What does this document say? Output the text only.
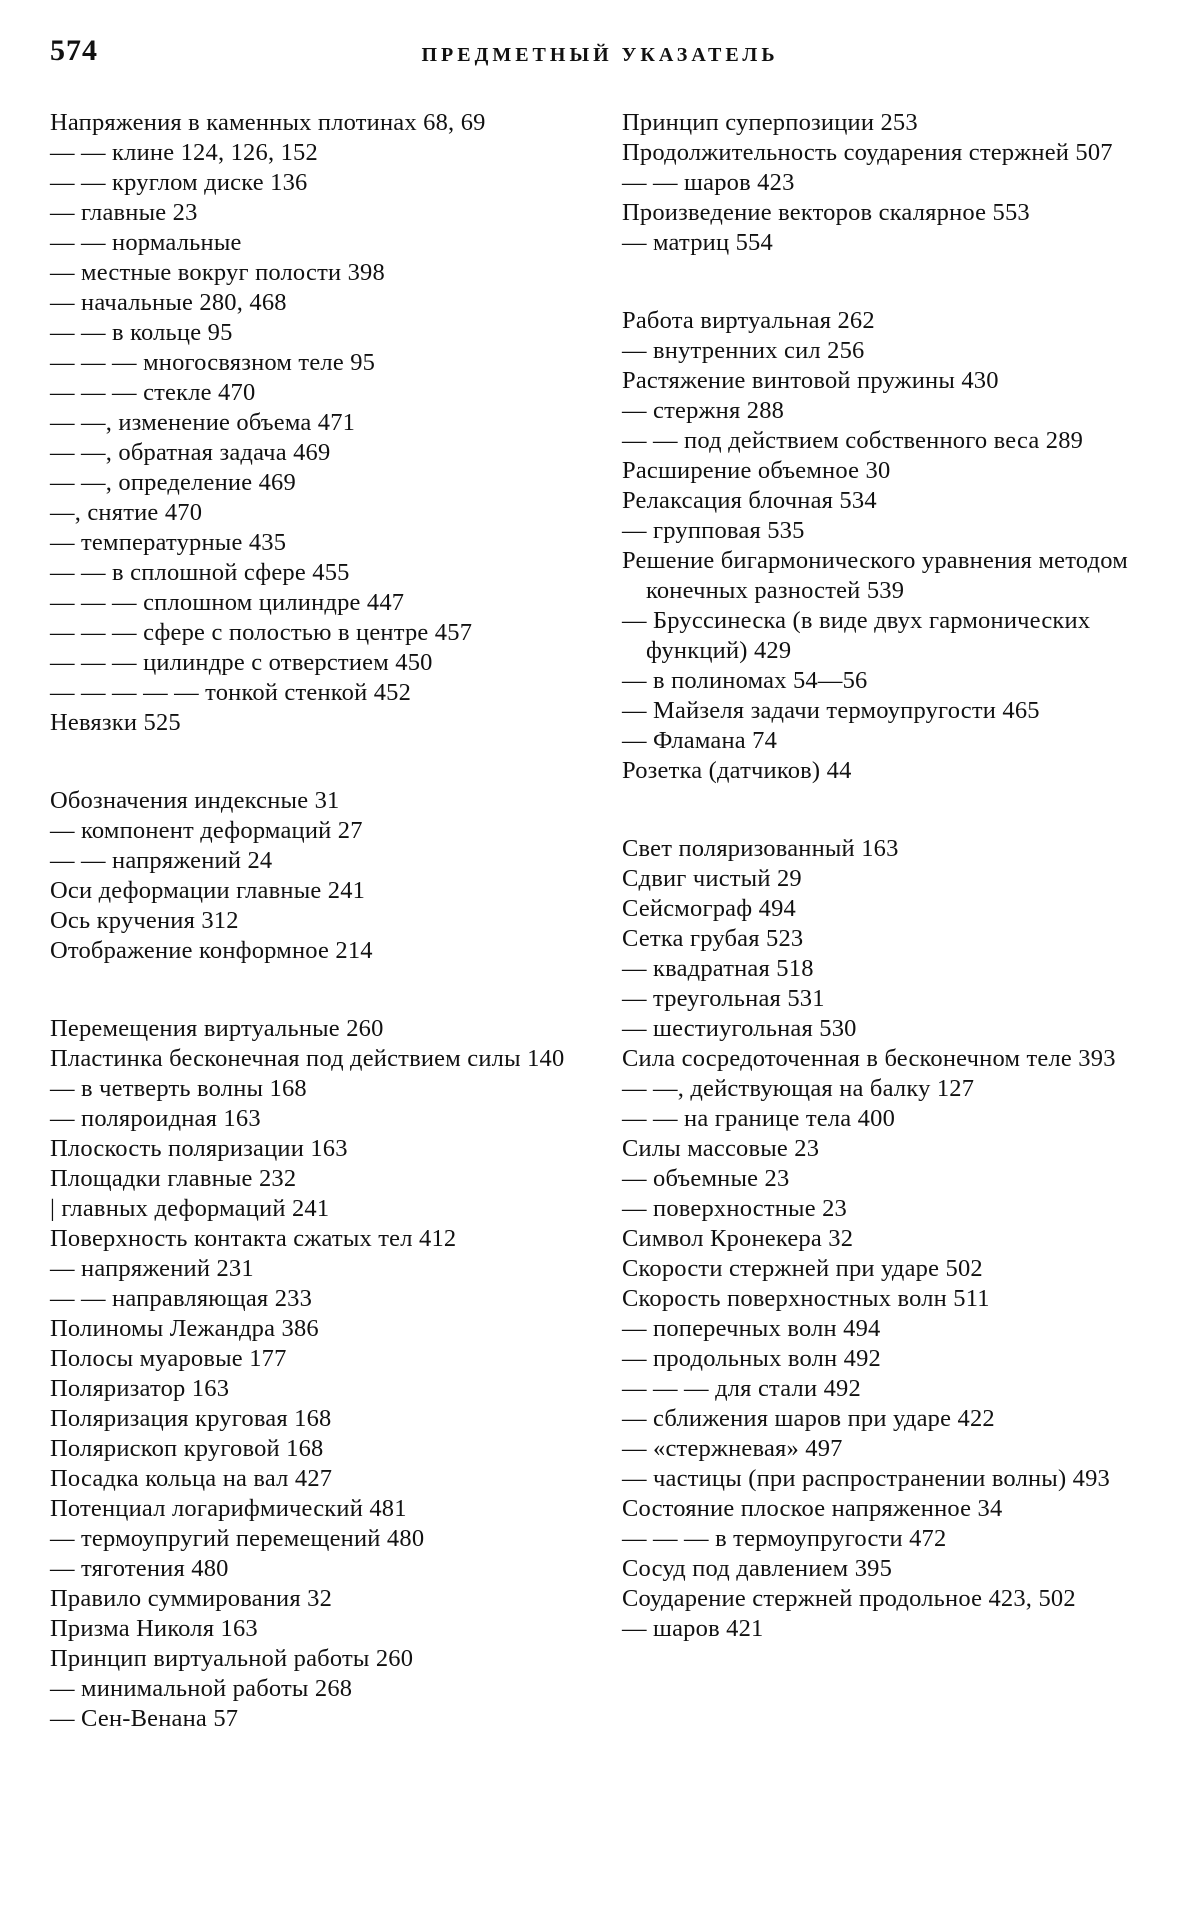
574	ПРЕДМЕТНЫЙ УКАЗАТЕЛЬ
Напряжения в каменных плотинах 68, 69
— — клине 124, 126, 152
— — круглом диске 136
— главные 23
— — нормальные
— местные вокруг полости 398
— начальные 280, 468
— — в кольце 95
— — — многосвязном теле 95
— — — стекле 470
— —, изменение объема 471
— —, обратная задача 469
— —, определение 469
—, снятие 470
— температурные 435
— — в сплошной сфере 455
— — — сплошном цилиндре 447
— — — сфере с полостью в центре 457
— — — цилиндре с отверстием 450
— — — — — тонкой стенкой 452
Невязки 525
Обозначения индексные 31
— компонент деформаций 27
— — напряжений 24
Оси деформации главные 241
Ось кручения 312
Отображение конформное 214
Перемещения виртуальные 260
Пластинка бесконечная под действием силы 140
— в четверть волны 168
— поляроидная 163
Плоскость поляризации 163
Площадки главные 232
| главных деформаций 241
Поверхность контакта сжатых тел 412
— напряжений 231
— — направляющая 233
Полиномы Лежандра 386
Полосы муаровые 177
Поляризатор 163
Поляризация круговая 168
Полярископ круговой 168
Посадка кольца на вал 427
Потенциал логарифмический 481
— термоупругий перемещений 480
— тяготения 480
Правило суммирования 32
Призма Николя 163
Принцип виртуальной работы 260
— минимальной работы 268
— Сен-Венана 57
Принцип суперпозиции 253
Продолжительность соударения стержней 507
— — шаров 423
Произведение векторов скалярное 553
— матриц 554
Работа виртуальная 262
— внутренних сил 256
Растяжение винтовой пружины 430
— стержня 288
— — под действием собственного веса 289
Расширение объемное 30
Релаксация блочная 534
— групповая 535
Решение бигармонического уравнения методом конечных разностей 539
— Бруссинеска (в виде двух гармонических функций) 429
— в полиномах 54—56
— Майзеля задачи термоупругости 465
— Фламана 74
Розетка (датчиков) 44
Свет поляризованный 163
Сдвиг чистый 29
Сейсмограф 494
Сетка грубая 523
— квадратная 518
— треугольная 531
— шестиугольная 530
Сила сосредоточенная в бесконечном теле 393
— —, действующая на балку 127
— — на границе тела 400
Силы массовые 23
— объемные 23
— поверхностные 23
Символ Кронекера 32
Скорости стержней при ударе 502
Скорость поверхностных волн 511
— поперечных волн 494
— продольных волн 492
— — — для стали 492
— сближения шаров при ударе 422
— «стержневая» 497
— частицы (при распространении волны) 493
Состояние плоское напряженное 34
— — — в термоупругости 472
Сосуд под давлением 395
Соударение стержней продольное 423, 502
— шаров 421
